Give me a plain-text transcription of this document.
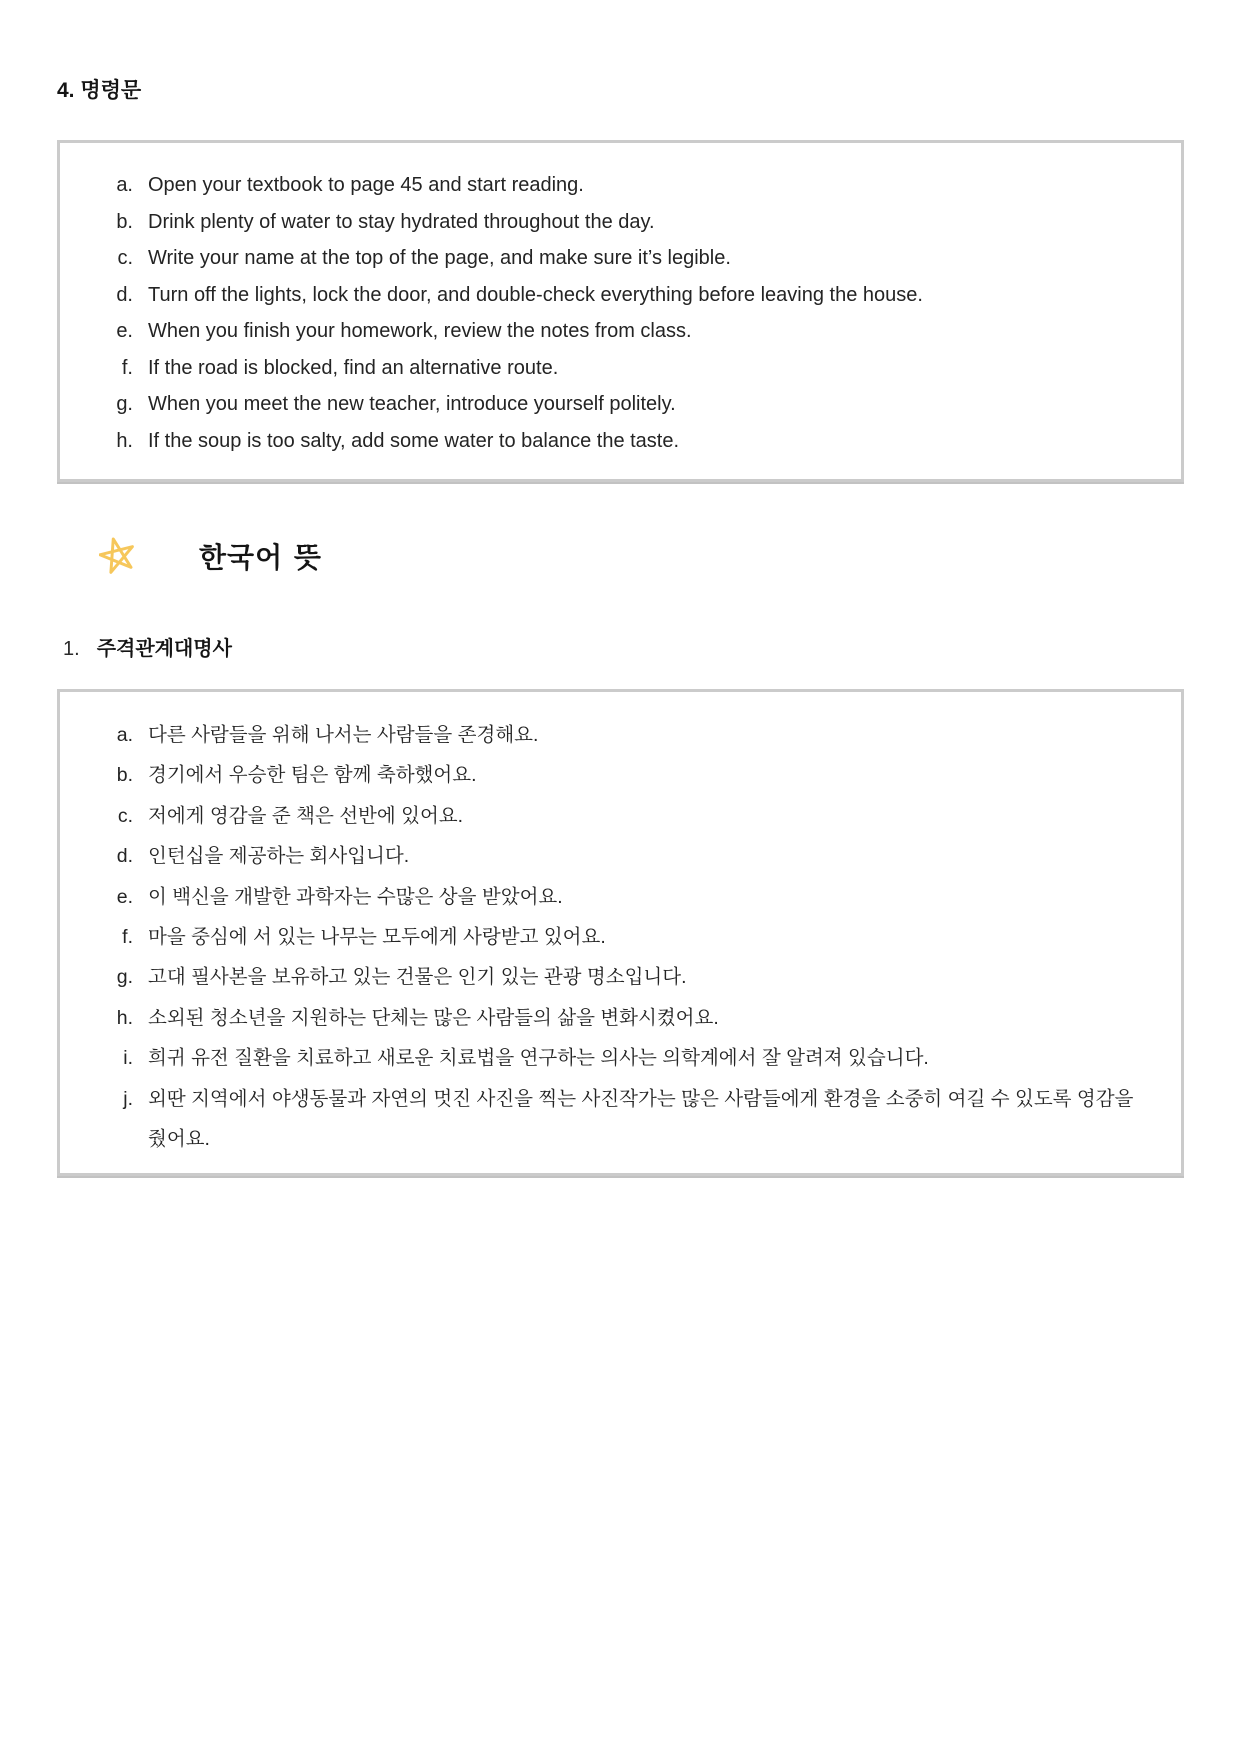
4. 명령문
a. Open your textbook to page 45 and start reading.
b. Drink plenty of water to stay hydrated throughout the day.
c. Write your name at the top of the page, and make sure it’s legible.
d. Turn off the lights, lock the door, and double-check everything before leaving the house.
e. When you finish your homework, review the notes from class.
f. If the road is blocked, find an alternative route.
g. When you meet the new teacher, introduce yourself politely.
h. If the soup is too salty, add some water to balance the taste.
한국어 뜻
1. 주격관계대명사
a. 다른 사람들을 위해 나서는 사람들을 존경해요.
b. 경기에서 우승한 팀은 함께 축하했어요.
c. 저에게 영감을 준 책은 선반에 있어요.
d. 인턴십을 제공하는 회사입니다.
e. 이 백신을 개발한 과학자는 수많은 상을 받았어요.
f. 마을 중심에 서 있는 나무는 모두에게 사랑받고 있어요.
g. 고대 필사본을 보유하고 있는 건물은 인기 있는 관광 명소입니다.
h. 소외된 청소년을 지원하는 단체는 많은 사람들의 삶을 변화시켰어요.
i. 희귀 유전 질환을 치료하고 새로운 치료법을 연구하는 의사는 의학계에서 잘 알려져 있습니다.
j. 외딴 지역에서 야생동물과 자연의 멋진 사진을 찍는 사진작가는 많은 사람들에게 환경을 소중히 여길 수 있도록 영감을 줬어요.
